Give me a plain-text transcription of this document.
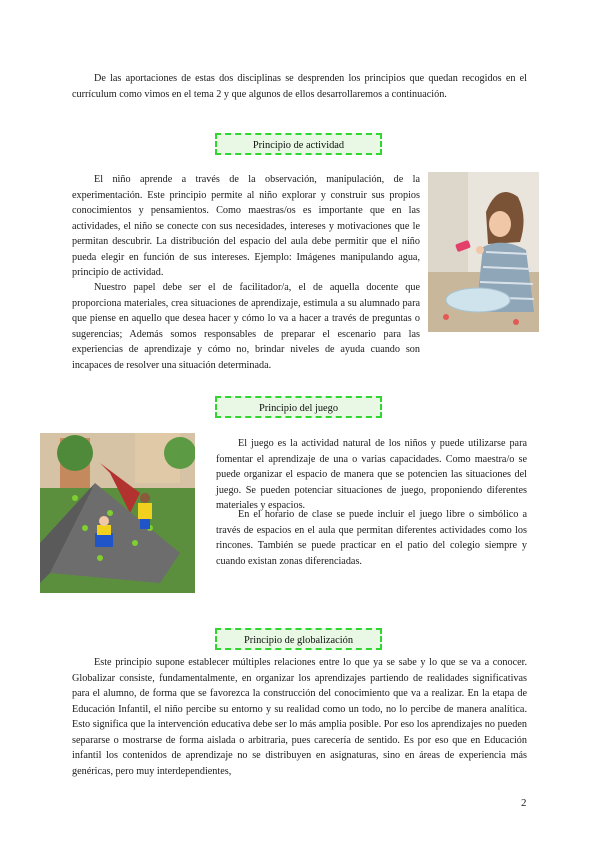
De las aportaciones de estas dos disciplinas se desprenden los principios que quedan recogidos en el currículum como vimos en el tema 2 y que algunos de ellos desarrollaremos a continuación.

Principio de actividad

El niño aprende a través de la observación, manipulación, de la experimentación. Este principio permite al niño explorar y construir sus propios conocimientos y pensamientos. Como maestras/os es importante que en las actividades, el niño se conecte con sus necesidades, intereses y motivaciones que le permitan descubrir. La distribución del espacio del aula debe permitir que el niño pueda elegir en función de sus intereses. Ejemplo: Imágenes manipulando agua, principio de actividad.

Nuestro papel debe ser el de facilitador/a, el de aquella docente que proporciona materiales, crea situaciones de aprendizaje, estimula a su alumnado para que piense en aquello que desea hacer y cómo lo va a hacer a través de preguntas o sugerencias; Además somos responsables de preparar el escenario para las experiencias de aprendizaje y cómo no, brindar niveles de ayuda cuando son incapaces de resolver una situación determinada.

Principio del juego

El juego es la actividad natural de los niños y puede utilizarse para fomentar el aprendizaje de una o varias capacidades. Como maestra/o se puede organizar el espacio de manera que se potencien las situaciones del juego. Se pueden potenciar situaciones de juego, proponiendo diferentes materiales y espacios.

En el horario de clase se puede incluir el juego libre o simbólico a través de espacios en el aula que permitan diferentes actividades como los rincones. También se puede practicar en el patio del colegio siempre y cuando existan zonas diferenciadas.

Principio de globalización

Este principio supone establecer múltiples relaciones entre lo que ya se sabe y lo que se va a conocer. Globalizar consiste, fundamentalmente, en organizar los aprendizajes partiendo de realidades significativas para el alumno, de forma que se favorezca la construcción del conocimiento que va a realizar. En la etapa de Educación Infantil, el niño percibe su entorno y su realidad como un todo, no lo percibe de manera analítica. Esto significa que la intervención educativa debe ser lo más amplia posible. Por eso los aprendizajes no pueden separarse o mostrarse de forma aislada o arbitraria, pues carecería de sentido. Es por eso que en Educación infantil los contenidos de aprendizaje no se distribuyen en asignaturas, sino en áreas de experiencia más genéricas, pero muy interdependientes,

2
